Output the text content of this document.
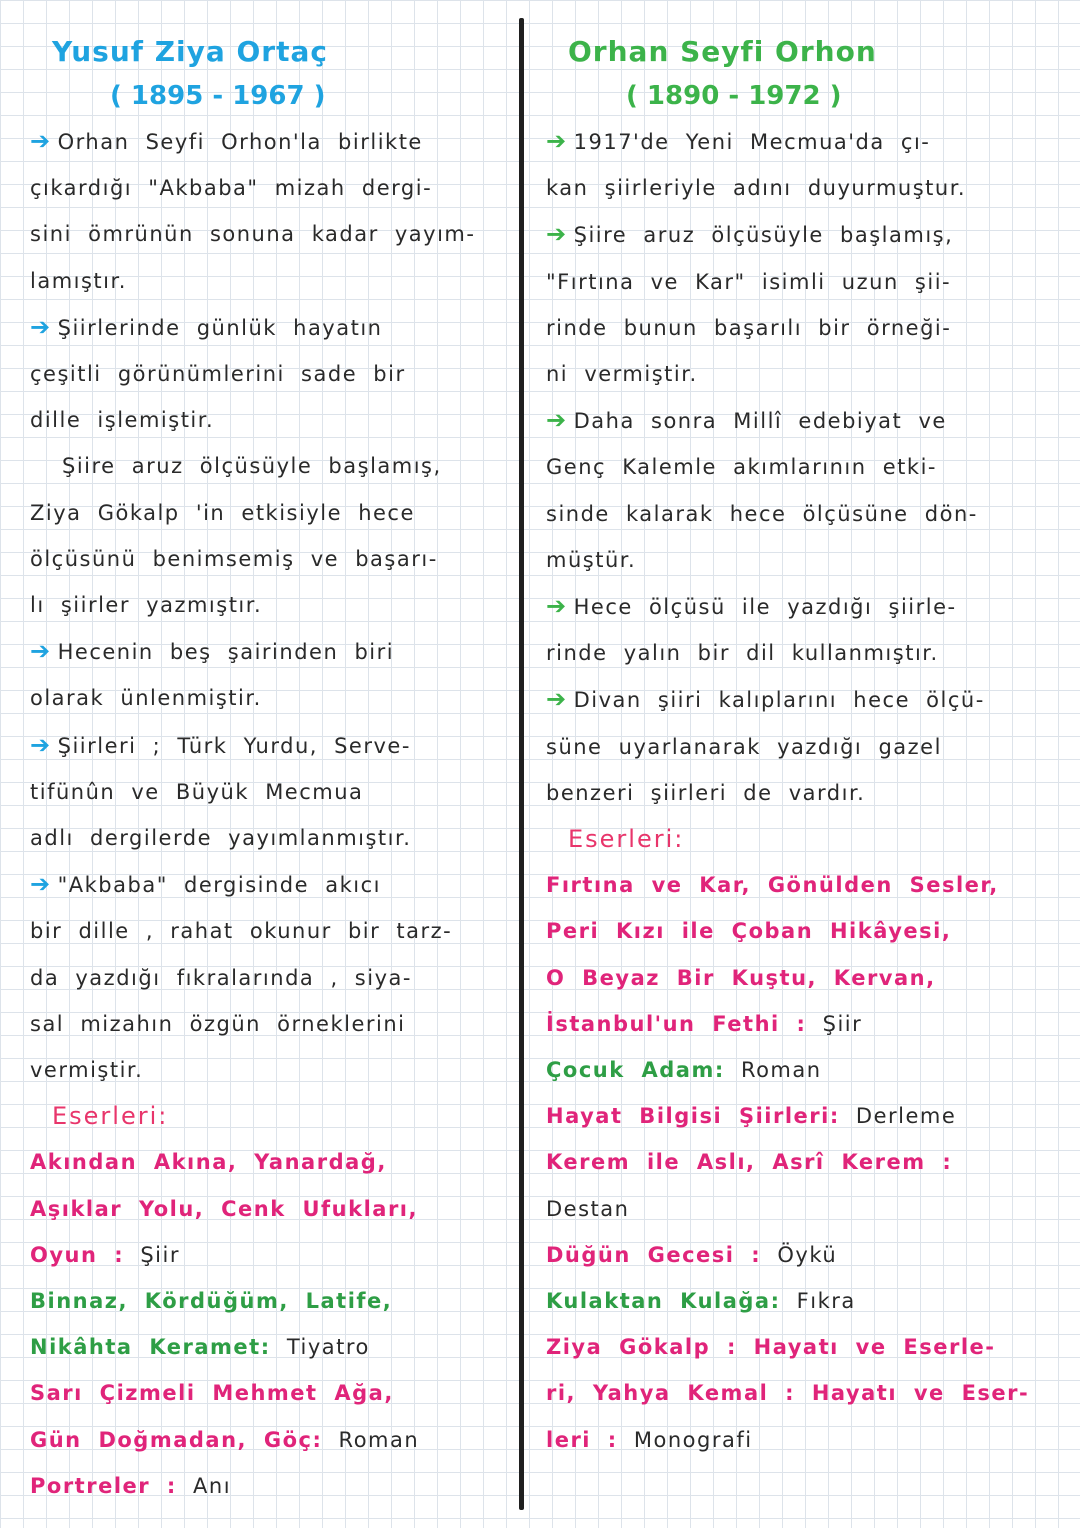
Yusuf Ziya Ortaç
( 1895 - 1967 )
➔ Orhan Seyfi Orhon'la birlikte
çıkardığı "Akbaba" mizah dergi-
sini ömrünün sonuna kadar yayım-
lamıştır.
➔ Şiirlerinde günlük hayatın
çeşitli görünümlerini sade bir
dille işlemiştir.
Şiire aruz ölçüsüyle başlamış,
Ziya Gökalp 'in etkisiyle hece
ölçüsünü benimsemiş ve başarı-
lı şiirler yazmıştır.
➔ Hecenin beş şairinden biri
olarak ünlenmiştir.
➔ Şiirleri ; Türk Yurdu, Serve-
tifünûn ve Büyük Mecmua
adlı dergilerde yayımlanmıştır.
➔ "Akbaba" dergisinde akıcı
bir dille , rahat okunur bir tarz-
da yazdığı fıkralarında , siya-
sal mizahın özgün örneklerini
vermiştir.
Eserleri:
Akından Akına, Yanardağ,
Aşıklar Yolu, Cenk Ufukları,
Oyun : Şiir
Binnaz, Kördüğüm, Latife,
Nikâhta Keramet: Tiyatro
Sarı Çizmeli Mehmet Ağa,
Gün Doğmadan, Göç: Roman
Portreler : Anı
Orhan Seyfi Orhon
( 1890 - 1972 )
➔ 1917'de Yeni Mecmua'da çı-
kan şiirleriyle adını duyurmuştur.
➔ Şiire aruz ölçüsüyle başlamış,
"Fırtına ve Kar" isimli uzun şii-
rinde bunun başarılı bir örneği-
ni vermiştir.
➔ Daha sonra Millî edebiyat ve
Genç Kalemle akımlarının etki-
sinde kalarak hece ölçüsüne dön-
müştür.
➔ Hece ölçüsü ile yazdığı şiirle-
rinde yalın bir dil kullanmıştır.
➔ Divan şiiri kalıplarını hece ölçü-
süne uyarlanarak yazdığı gazel
benzeri şiirleri de vardır.
Eserleri:
Fırtına ve Kar, Gönülden Sesler,
Peri Kızı ile Çoban Hikâyesi,
O Beyaz Bir Kuştu, Kervan,
İstanbul'un Fethi : Şiir
Çocuk Adam: Roman
Hayat Bilgisi Şiirleri: Derleme
Kerem ile Aslı, Asrî Kerem :
Destan
Düğün Gecesi : Öykü
Kulaktan Kulağa: Fıkra
Ziya Gökalp : Hayatı ve Eserle-
ri, Yahya Kemal : Hayatı ve Eser-
leri : Monografi
